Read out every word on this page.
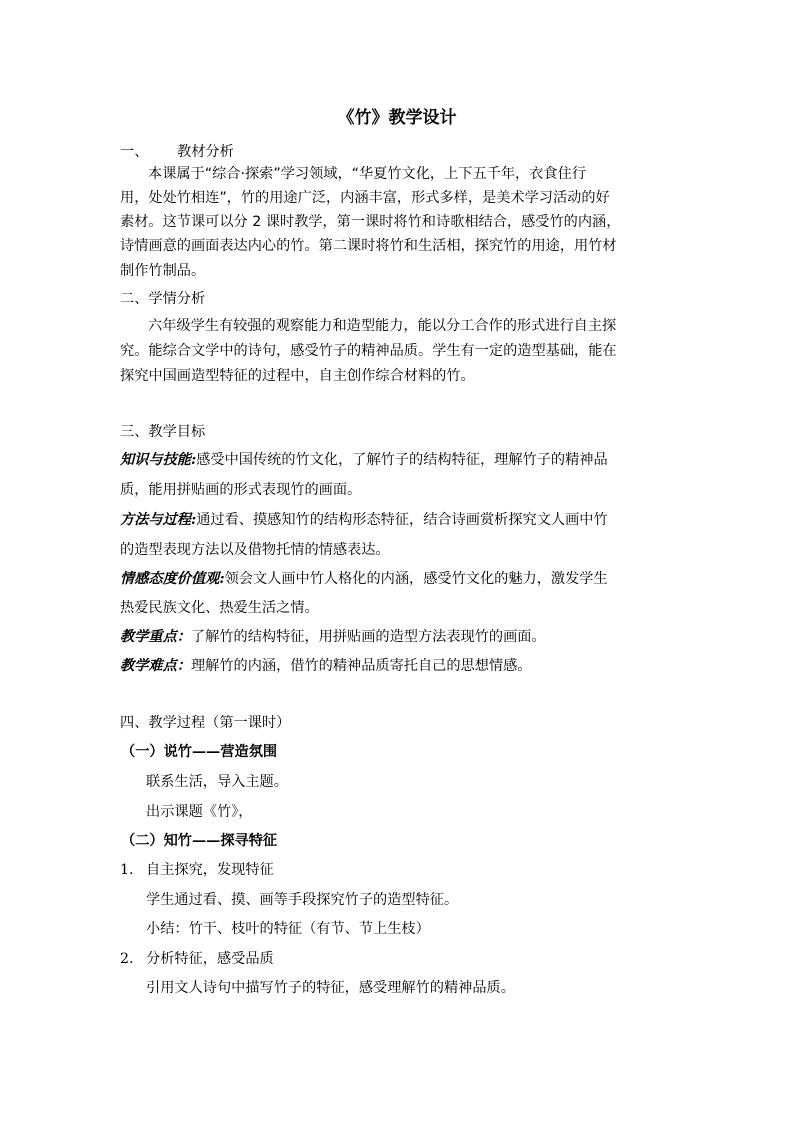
《竹》教学设计
一、 教材分析
本课属于“综合·探索”学习领域，“华夏竹文化，上下五千年，衣食住行
用，处处竹相连”，竹的用途广泛，内涵丰富，形式多样，是美术学习活动的好
素材。这节课可以分 2 课时教学，第一课时将竹和诗歌相结合，感受竹的内涵，
诗情画意的画面表达内心的竹。第二课时将竹和生活相，探究竹的用途，用竹材
制作竹制品。
二、学情分析
六年级学生有较强的观察能力和造型能力，能以分工合作的形式进行自主探
究。能综合文学中的诗句，感受竹子的精神品质。学生有一定的造型基础，能在
探究中国画造型特征的过程中，自主创作综合材料的竹。
三、教学目标
知识与技能:感受中国传统的竹文化，了解竹子的结构特征，理解竹子的精神品
质，能用拼贴画的形式表现竹的画面。
方法与过程:通过看、摸感知竹的结构形态特征，结合诗画赏析探究文人画中竹
的造型表现方法以及借物托情的情感表达。
情感态度价值观:领会文人画中竹人格化的内涵，感受竹文化的魅力，激发学生
热爱民族文化、热爱生活之情。
教学重点：了解竹的结构特征，用拼贴画的造型方法表现竹的画面。
教学难点：理解竹的内涵，借竹的精神品质寄托自己的思想情感。
四、教学过程（第一课时）
（一）说竹——营造氛围
联系生活，导入主题。
出示课题《竹》，
（二）知竹——探寻特征
1. 自主探究，发现特征
学生通过看、摸、画等手段探究竹子的造型特征。
小结：竹干、枝叶的特征（有节、节上生枝）
2. 分析特征，感受品质
引用文人诗句中描写竹子的特征，感受理解竹的精神品质。
